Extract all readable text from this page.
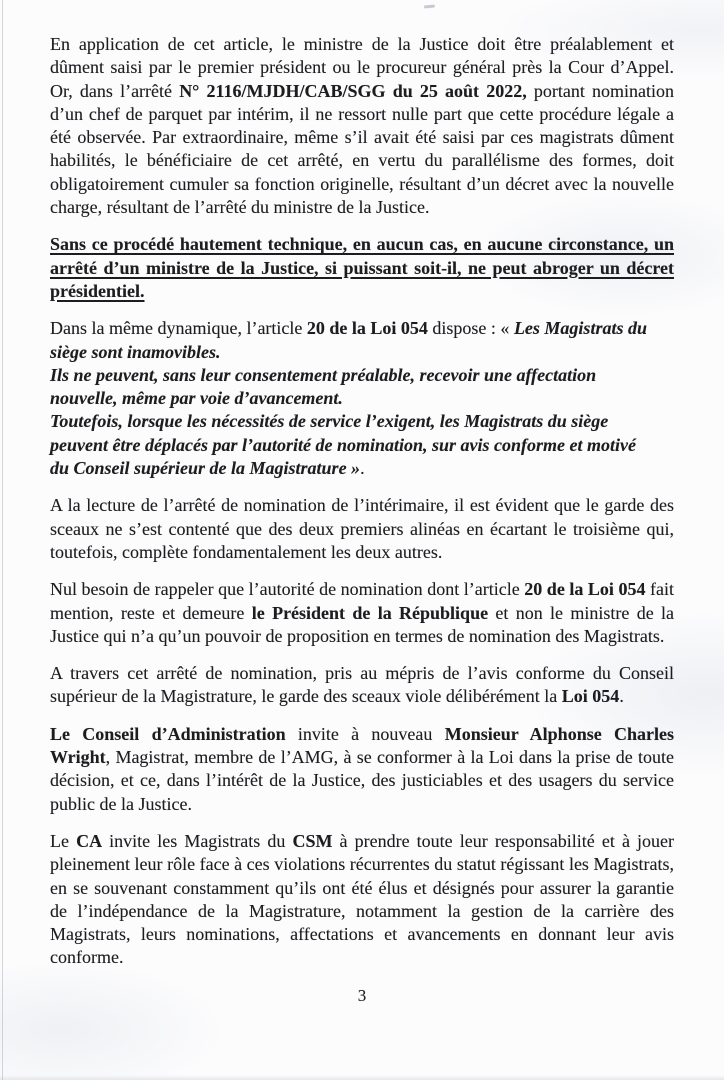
En application de cet article, le ministre de la Justice doit être préalablement et dûment saisi par le premier président ou le procureur général près la Cour d’Appel. Or, dans l’arrêté N° 2116/MJDH/CAB/SGG du 25 août 2022, portant nomination d’un chef de parquet par intérim, il ne ressort nulle part que cette procédure légale a été observée. Par extraordinaire, même s’il avait été saisi par ces magistrats dûment habilités, le bénéficiaire de cet arrêté, en vertu du parallélisme des formes, doit obligatoirement cumuler sa fonction originelle, résultant d’un décret avec la nouvelle charge, résultant de l’arrêté du ministre de la Justice.

Sans ce procédé hautement technique, en aucun cas, en aucune circonstance, un arrêté d’un ministre de la Justice, si puissant soit-il, ne peut abroger un décret présidentiel.

Dans la même dynamique, l’article 20 de la Loi 054 dispose : « Les Magistrats du
siège sont inamovibles.
Ils ne peuvent, sans leur consentement préalable, recevoir une affectation
nouvelle, même par voie d’avancement.
Toutefois, lorsque les nécessités de service l’exigent, les Magistrats du siège
peuvent être déplacés par l’autorité de nomination, sur avis conforme et motivé
du Conseil supérieur de la Magistrature ».

A la lecture de l’arrêté de nomination de l’intérimaire, il est évident que le garde des sceaux ne s’est contenté que des deux premiers alinéas en écartant le troisième qui, toutefois, complète fondamentalement les deux autres.

Nul besoin de rappeler que l’autorité de nomination dont l’article 20 de la Loi 054 fait mention, reste et demeure le Président de la République et non le ministre de la Justice qui n’a qu’un pouvoir de proposition en termes de nomination des Magistrats.

A travers cet arrêté de nomination, pris au mépris de l’avis conforme du Conseil supérieur de la Magistrature, le garde des sceaux viole délibérément la Loi 054.

Le Conseil d’Administration invite à nouveau Monsieur Alphonse Charles Wright, Magistrat, membre de l’AMG, à se conformer à la Loi dans la prise de toute décision, et ce, dans l’intérêt de la Justice, des justiciables et des usagers du service public de la Justice.

Le CA invite les Magistrats du CSM à prendre toute leur responsabilité et à jouer pleinement leur rôle face à ces violations récurrentes du statut régissant les Magistrats, en se souvenant constamment qu’ils ont été élus et désignés pour assurer la garantie de l’indépendance de la Magistrature, notamment la gestion de la carrière des Magistrats, leurs nominations, affectations et avancements en donnant leur avis conforme.

3
